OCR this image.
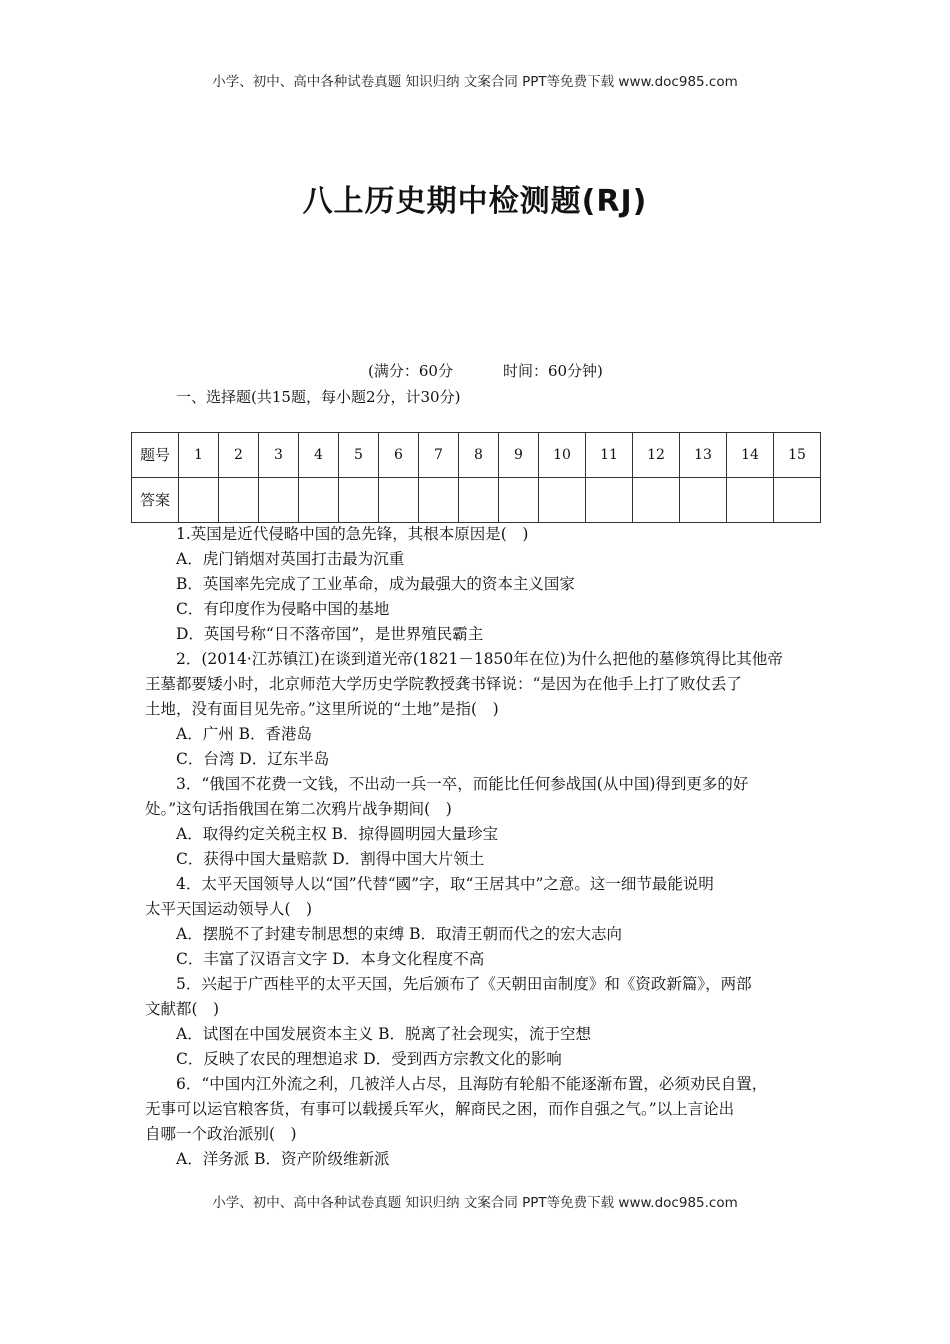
小学、初中、高中各种试卷真题 知识归纳 文案合同 PPT等免费下载 www.doc985.com
八上历史期中检测题(RJ)
(满分：60分	时间：60分钟)
一、选择题(共15题，每小题2分，计30分)
题号	1	2	3	4	5	6	7	8	9	10	11	12	13	14	15
答案															
1.英国是近代侵略中国的急先锋，其根本原因是(　)
A．虎门销烟对英国打击最为沉重
B．英国率先完成了工业革命，成为最强大的资本主义国家
C．有印度作为侵略中国的基地
D．英国号称“日不落帝国”，是世界殖民霸主
2．(2014·江苏镇江)在谈到道光帝(1821－1850年在位)为什么把他的墓修筑得比其他帝
王墓都要矮小时，北京师范大学历史学院教授龚书铎说：“是因为在他手上打了败仗丢了
土地，没有面目见先帝。”这里所说的“土地”是指(　)
A．广州 B．香港岛
C．台湾 D．辽东半岛
3．“俄国不花费一文钱，不出动一兵一卒，而能比任何参战国(从中国)得到更多的好
处。”这句话指俄国在第二次鸦片战争期间(　)
A．取得约定关税主权 B．掠得圆明园大量珍宝
C．获得中国大量赔款 D．割得中国大片领土
4．太平天国领导人以“国”代替“國”字，取“王居其中”之意。这一细节最能说明
太平天国运动领导人(　)
A．摆脱不了封建专制思想的束缚 B．取清王朝而代之的宏大志向
C．丰富了汉语言文字 D．本身文化程度不高
5．兴起于广西桂平的太平天国，先后颁布了《天朝田亩制度》和《资政新篇》，两部
文献都(　)
A．试图在中国发展资本主义 B．脱离了社会现实，流于空想
C．反映了农民的理想追求 D．受到西方宗教文化的影响
6．“中国内江外流之利，几被洋人占尽，且海防有轮船不能逐渐布置，必须劝民自置，
无事可以运官粮客货，有事可以载援兵军火，解商民之困，而作自强之气。”以上言论出
自哪一个政治派别(　)
A．洋务派 B．资产阶级维新派
小学、初中、高中各种试卷真题 知识归纳 文案合同 PPT等免费下载 www.doc985.com
